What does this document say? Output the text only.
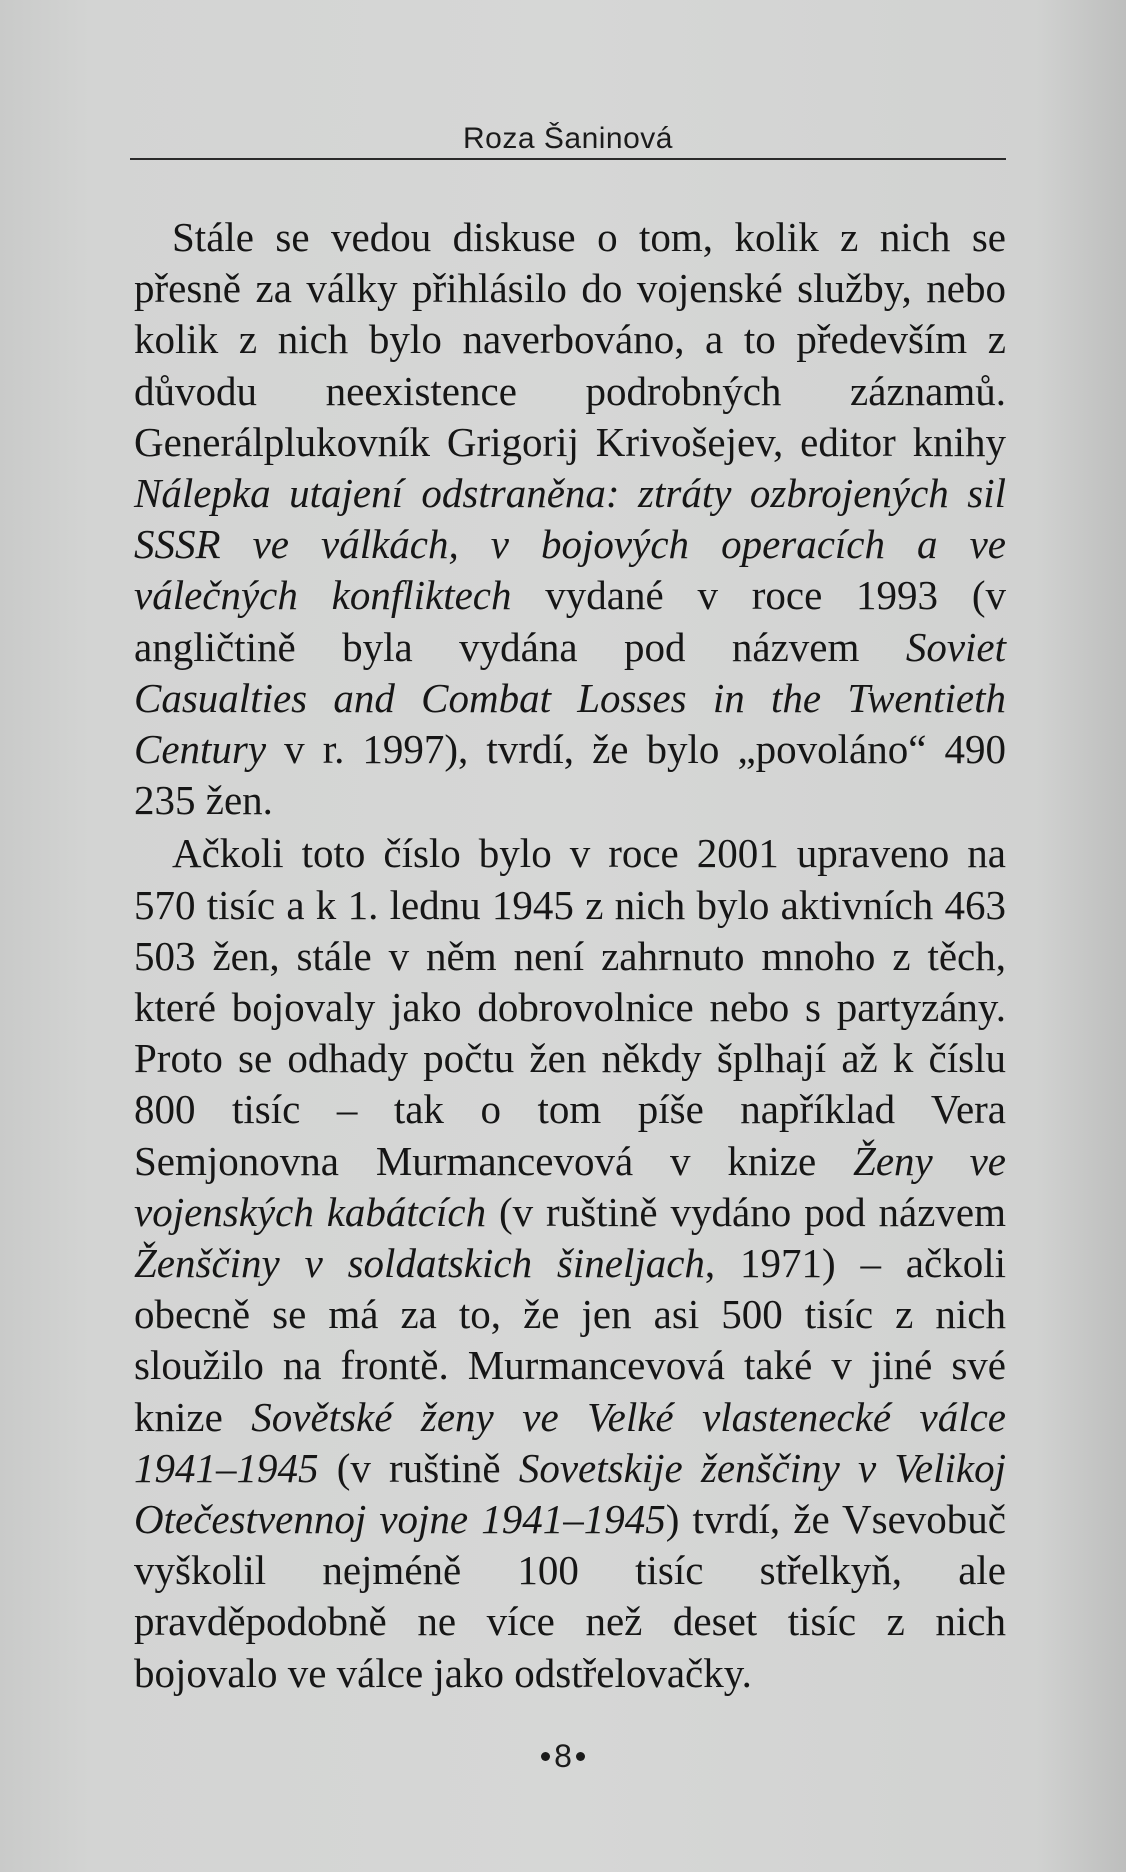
Roza Šaninová

Stále se vedou diskuse o tom, kolik z nich se přesně za války přihlásilo do vojenské služby, nebo kolik z nich bylo naverbováno, a to především z důvodu neexistence podrobných záznamů. Generálplukovník Grigorij Krivošejev, editor knihy Nálepka utajení odstraněna: ztráty ozbrojených sil SSSR ve válkách, v bojových operacích a ve válečných konfliktech vydané v roce 1993 (v angličtině byla vydána pod názvem Soviet Casualties and Combat Losses in the Twentieth Century v r. 1997), tvrdí, že bylo „povoláno“ 490 235 žen.

Ačkoli toto číslo bylo v roce 2001 upraveno na 570 tisíc a k 1. lednu 1945 z nich bylo aktivních 463 503 žen, stále v něm není zahrnuto mnoho z těch, které bojovaly jako dobrovolnice nebo s partyzány. Proto se odhady počtu žen někdy šplhají až k číslu 800 tisíc – tak o tom píše například Vera Semjonovna Murmancevová v knize Ženy ve vojenských kabátcích (v ruštině vydáno pod názvem Ženščiny v soldatskich šineljach, 1971) – ačkoli obecně se má za to, že jen asi 500 tisíc z nich sloužilo na frontě. Murmancevová také v jiné své knize Sovětské ženy ve Velké vlastenecké válce 1941–1945 (v ruštině Sovetskije ženščiny v Velikoj Otečestvennoj vojne 1941–1945) tvrdí, že Vsevobuč vyškolil nejméně 100 tisíc střelkyň, ale pravděpodobně ne více než deset tisíc z nich bojovalo ve válce jako odstřelovačky.

8
